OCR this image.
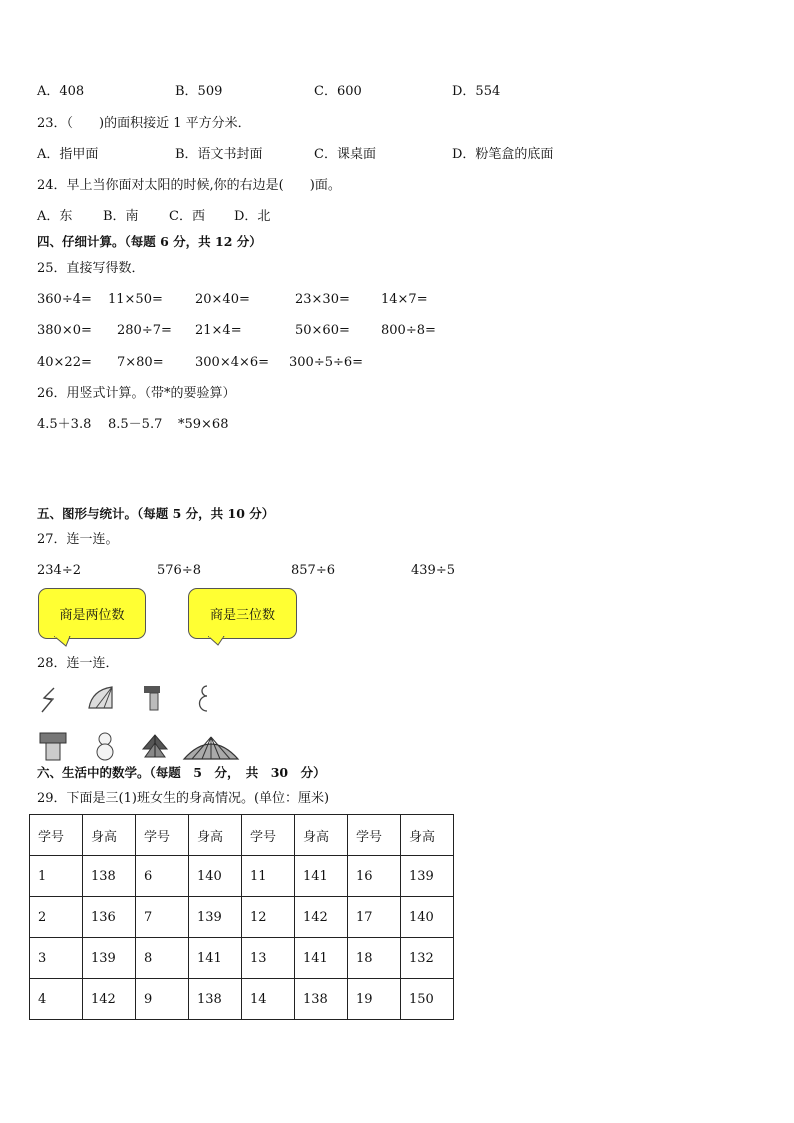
A．408	B．509	C．600	D．554
23．（　　)的面积接近 1 平方分米．
A．指甲面	B．语文书封面	C．课桌面	D．粉笔盒的底面
24．早上当你面对太阳的时候,你的右边是(　　)面。
A．东 B．南 C．西 D．北
四、仔细计算。（每题 6 分，共 12 分）
25．直接写得数．
360÷4= 11×50= 20×40=	23×30= 14×7=
380×0= 280÷7= 21×4=	50×60= 800÷8=
40×22= 7×80= 300×4×6= 300÷5÷6=
26．用竖式计算。（带*的要验算）
4.5＋3.8 8.5－5.7 *59×68
五、图形与统计。（每题 5 分，共 10 分）
27．连一连。
234÷2	576÷8	857÷6	439÷5
商是两位数	商是三位数
28．连一连．
六、生活中的数学。（每题　5　分，　共　30　分）
29．下面是三(1)班女生的身高情况。(单位：厘米)
学号	身高	学号	身高	学号	身高	学号	身高
1	138	6	140	11	141	16	139
2	136	7	139	12	142	17	140
3	139	8	141	13	141	18	132
4	142	9	138	14	138	19	150
